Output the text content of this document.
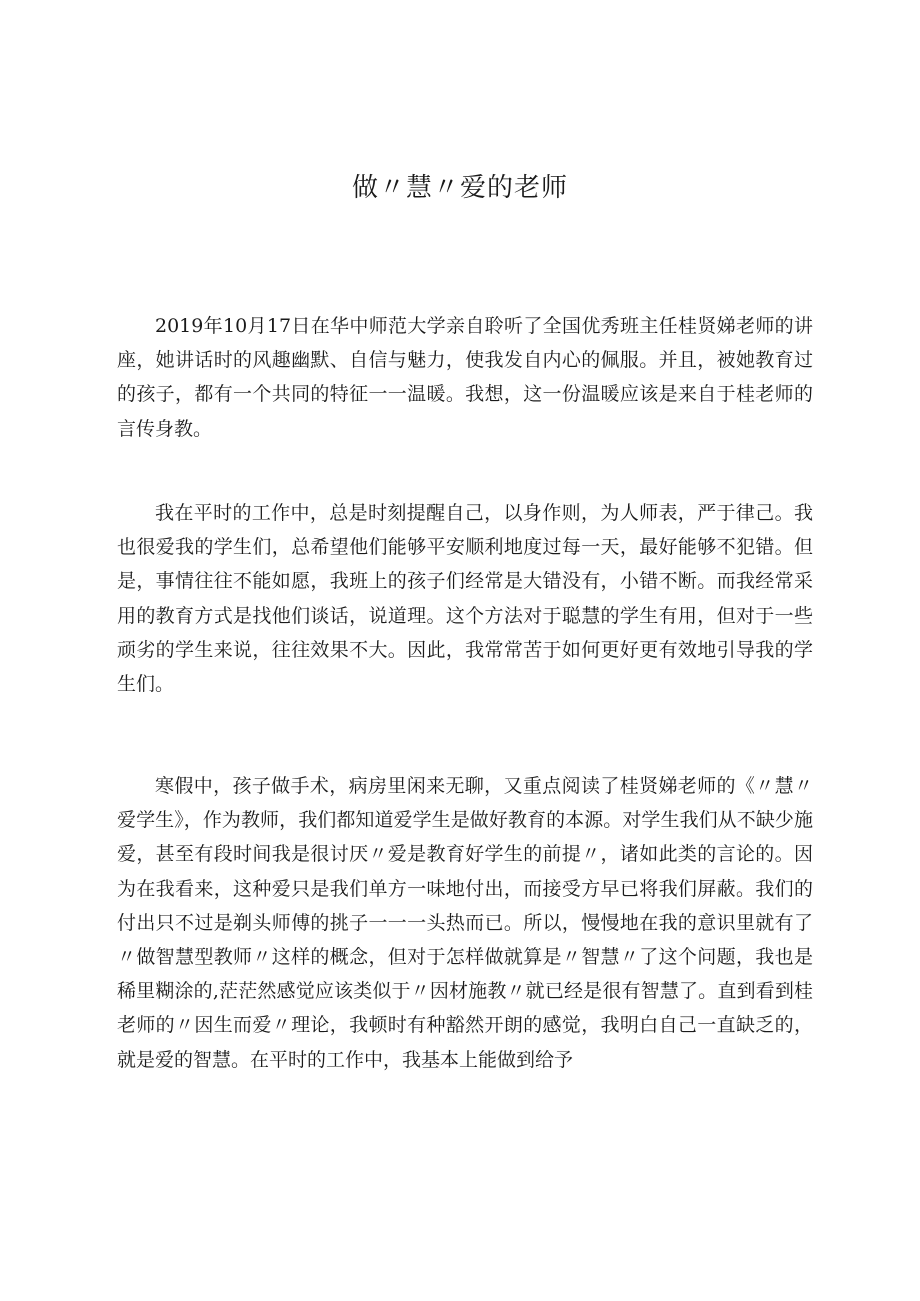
做〃慧〃爱的老师

2019年10月17日在华中师范大学亲自聆听了全国优秀班主任桂贤娣老师的讲座，她讲话时的风趣幽默、自信与魅力，使我发自内心的佩服。并且，被她教育过的孩子，都有一个共同的特征一一温暖。我想，这一份温暖应该是来自于桂老师的言传身教。

我在平时的工作中，总是时刻提醒自己，以身作则，为人师表，严于律己。我也很爱我的学生们，总希望他们能够平安顺利地度过每一天，最好能够不犯错。但是，事情往往不能如愿，我班上的孩子们经常是大错没有，小错不断。而我经常采用的教育方式是找他们谈话，说道理。这个方法对于聪慧的学生有用，但对于一些顽劣的学生来说，往往效果不大。因此，我常常苦于如何更好更有效地引导我的学生们。

寒假中，孩子做手术，病房里闲来无聊，又重点阅读了桂贤娣老师的《〃慧〃爱学生》，作为教师，我们都知道爱学生是做好教育的本源。对学生我们从不缺少施爱，甚至有段时间我是很讨厌〃爱是教育好学生的前提〃，诸如此类的言论的。因为在我看来，这种爱只是我们单方一味地付出，而接受方早已将我们屏蔽。我们的付出只不过是剃头师傅的挑子一一一头热而已。所以，慢慢地在我的意识里就有了〃做智慧型教师〃这样的概念，但对于怎样做就算是〃智慧〃了这个问题，我也是稀里糊涂的,茫茫然感觉应该类似于〃因材施教〃就已经是很有智慧了。直到看到桂老师的〃因生而爱〃理论，我顿时有种豁然开朗的感觉，我明白自己一直缺乏的，就是爱的智慧。在平时的工作中，我基本上能做到给予
